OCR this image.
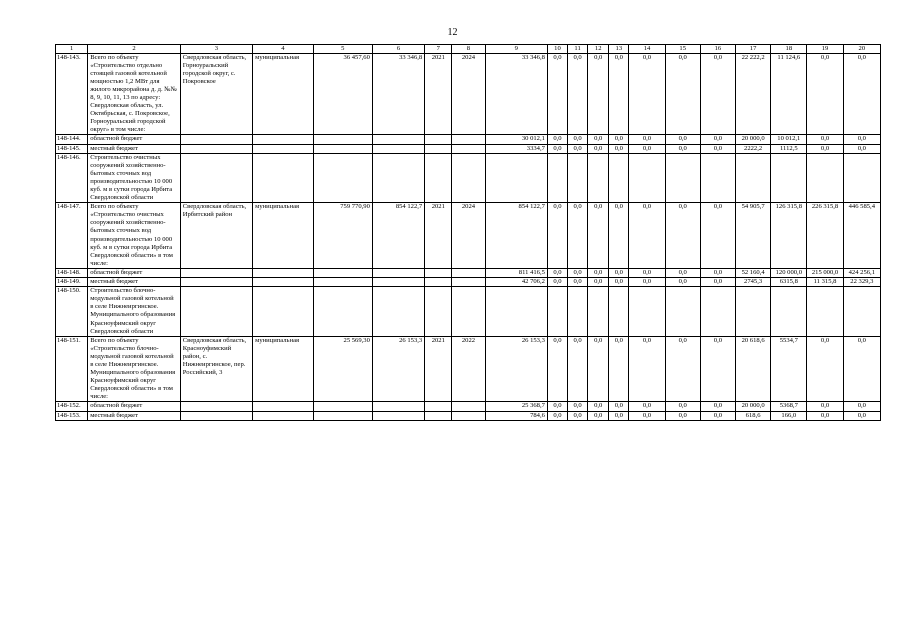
12
1	2	3	4	5	6	7	8	9	10	11	12	13	14	15	16	17	18	19	20
148-143.	Всего по объекту «Строительство отдельно стоящей газовой котельной мощностью 1,2 МВт для жилого микрорайона д. д. №№ 8, 9, 10, 11, 13 по адресу: Свердловская область, ул. Октябрьская, с. Покровское, Горноуральский городской округ» в том числе:	Свердловская область, Горноуральский городской округ, с. Покровское	муниципальная	36 457,60	33 346,8	2021	2024	33 346,8	0,0	0,0	0,0	0,0	0,0	0,0	0,0	22 222,2	11 124,6	0,0	0,0
148-144.	областной бюджет							30 012,1	0,0	0,0	0,0	0,0	0,0	0,0	0,0	20 000,0	10 012,1	0,0	0,0
148-145.	местный бюджет							3334,7	0,0	0,0	0,0	0,0	0,0	0,0	0,0	2222,2	1112,5	0,0	0,0
148-146.	Строительство очистных сооружений хозяйственно-бытовых сточных вод производительностью 10 000 куб. м в сутки города Ирбита Свердловской области																		
148-147.	Всего по объекту «Строительство очистных сооружений хозяйственно-бытовых сточных вод производительностью 10 000 куб. м в сутки города Ирбита Свердловской области» в том числе:	Свердловская область, Ирбитский район	муниципальная	759 770,90	854 122,7	2021	2024	854 122,7	0,0	0,0	0,0	0,0	0,0	0,0	0,0	54 905,7	126 315,8	226 315,8	446 585,4
148-148.	областной бюджет							811 416,5	0,0	0,0	0,0	0,0	0,0	0,0	0,0	52 160,4	120 000,0	215 000,0	424 256,1
148-149.	местный бюджет							42 706,2	0,0	0,0	0,0	0,0	0,0	0,0	0,0	2745,3	6315,8	11 315,8	22 329,3
148-150.	Строительство блочно-модульной газовой котельной в селе Нижнеиргинское. Муниципального образования Красноуфимский округ Свердловской области																		
148-151.	Всего по объекту «Строительство блочно-модульной газовой котельной в селе Нижнеиргинское. Муниципального образования Красноуфимский округ Свердловской области» в том числе:	Свердловская область, Красноуфимский район, с. Нижнеиргинское, пер. Российский, 3	муниципальная	25 569,30	26 153,3	2021	2022	26 153,3	0,0	0,0	0,0	0,0	0,0	0,0	0,0	20 618,6	5534,7	0,0	0,0
148-152.	областной бюджет							25 368,7	0,0	0,0	0,0	0,0	0,0	0,0	0,0	20 000,0	5368,7	0,0	0,0
148-153.	местный бюджет							784,6	0,0	0,0	0,0	0,0	0,0	0,0	0,0	618,6	166,0	0,0	0,0
